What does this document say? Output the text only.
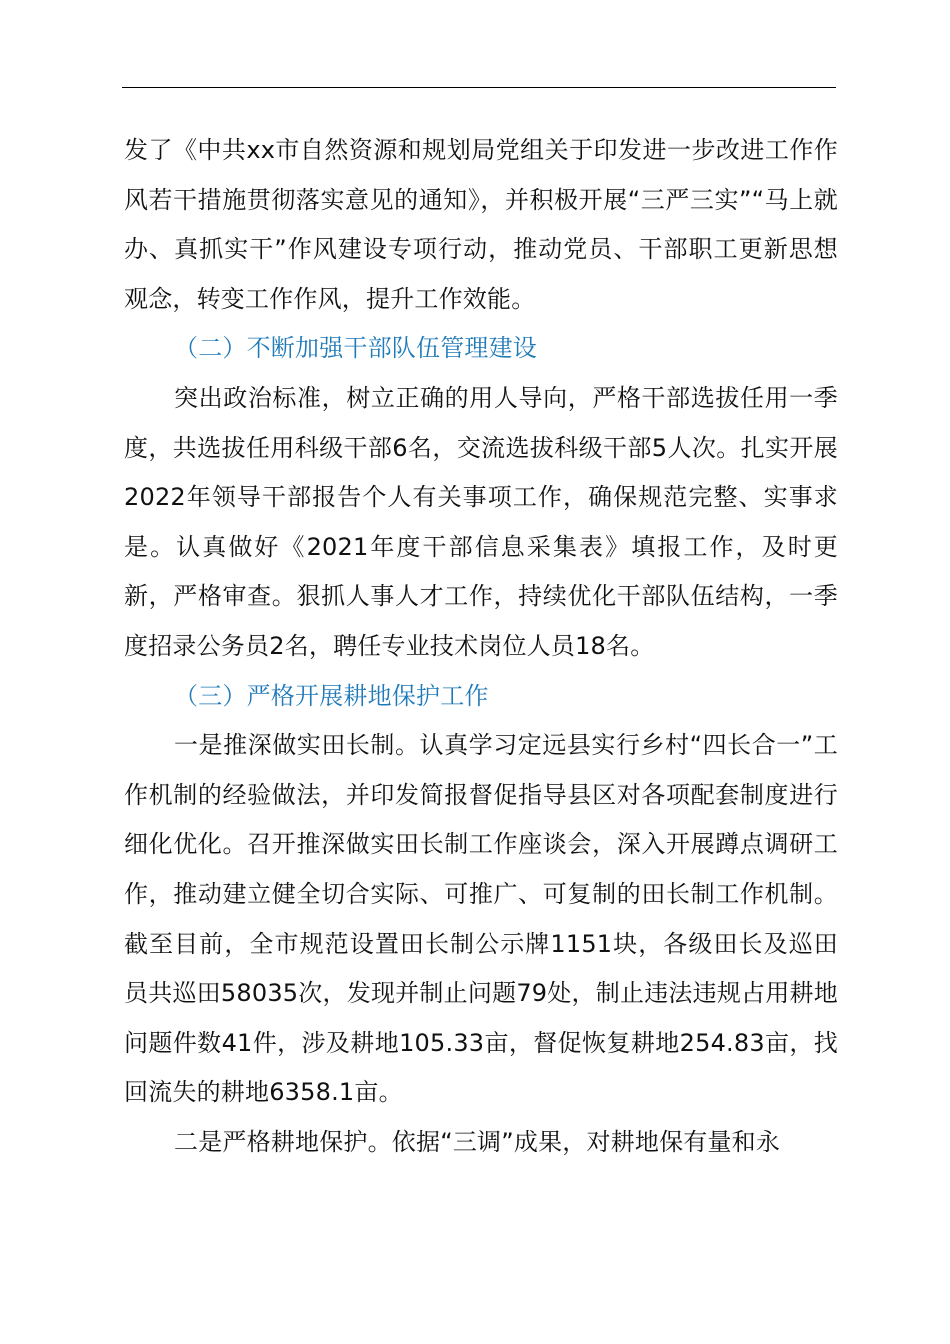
发了《中共xx市自然资源和规划局党组关于印发进一步改进工作作风若干措施贯彻落实意见的通知》，并积极开展“三严三实”“马上就办、真抓实干”作风建设专项行动，推动党员、干部职工更新思想观念，转变工作作风，提升工作效能。

（二）不断加强干部队伍管理建设

突出政治标准，树立正确的用人导向，严格干部选拔任用一季度，共选拔任用科级干部6名，交流选拔科级干部5人次。扎实开展2022年领导干部报告个人有关事项工作，确保规范完整、实事求是。认真做好《2021年度干部信息采集表》填报工作，及时更新，严格审查。狠抓人事人才工作，持续优化干部队伍结构，一季度招录公务员2名，聘任专业技术岗位人员18名。

（三）严格开展耕地保护工作

一是推深做实田长制。认真学习定远县实行乡村“四长合一”工作机制的经验做法，并印发简报督促指导县区对各项配套制度进行细化优化。召开推深做实田长制工作座谈会，深入开展蹲点调研工作，推动建立健全切合实际、可推广、可复制的田长制工作机制。截至目前，全市规范设置田长制公示牌1151块，各级田长及巡田员共巡田58035次，发现并制止问题79处，制止违法违规占用耕地问题件数41件，涉及耕地105.33亩，督促恢复耕地254.83亩，找回流失的耕地6358.1亩。

二是严格耕地保护。依据“三调”成果，对耕地保有量和永
